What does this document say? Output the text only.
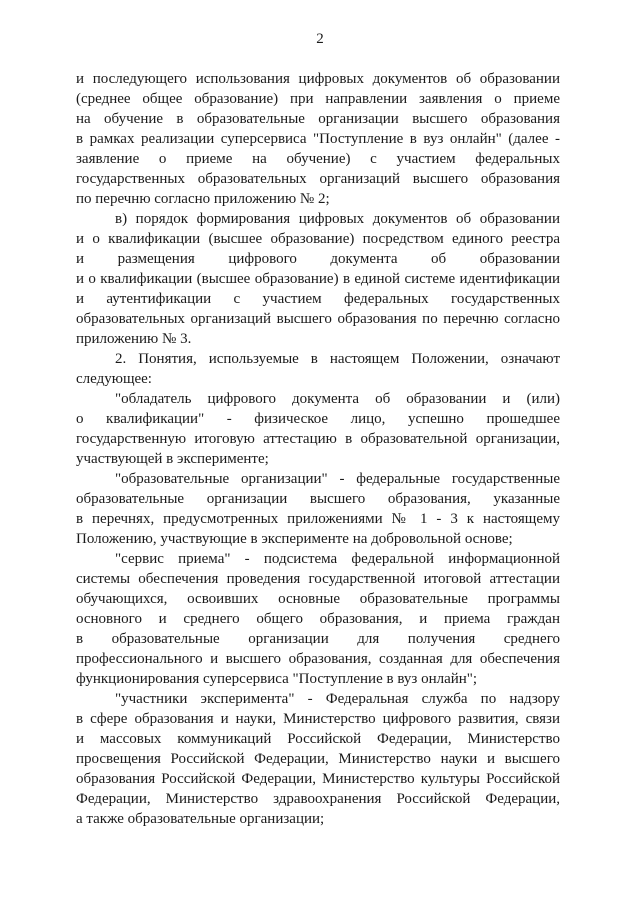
2
и последующего использования цифровых документов об образовании
(среднее общее образование) при направлении заявления о приеме
на обучение в образовательные организации высшего образования
в рамках реализации суперсервиса "Поступление в вуз онлайн" (далее -
заявление о приеме на обучение) с участием федеральных
государственных образовательных организаций высшего образования
по перечню согласно приложению № 2;
в) порядок формирования цифровых документов об образовании
и о квалификации (высшее образование) посредством единого реестра
и размещения цифрового документа об образовании
и о квалификации (высшее образование) в единой системе идентификации
и аутентификации с участием федеральных государственных
образовательных организаций высшего образования по перечню согласно
приложению № 3.
2. Понятия, используемые в настоящем Положении, означают
следующее:
"обладатель цифрового документа об образовании и (или)
о квалификации" - физическое лицо, успешно прошедшее
государственную итоговую аттестацию в образовательной организации,
участвующей в эксперименте;
"образовательные организации" - федеральные государственные
образовательные организации высшего образования, указанные
в перечнях, предусмотренных приложениями № 1 - 3 к настоящему
Положению, участвующие в эксперименте на добровольной основе;
"сервис приема" - подсистема федеральной информационной
системы обеспечения проведения государственной итоговой аттестации
обучающихся, освоивших основные образовательные программы
основного и среднего общего образования, и приема граждан
в образовательные организации для получения среднего
профессионального и высшего образования, созданная для обеспечения
функционирования суперсервиса "Поступление в вуз онлайн";
"участники эксперимента" - Федеральная служба по надзору
в сфере образования и науки, Министерство цифрового развития, связи
и массовых коммуникаций Российской Федерации, Министерство
просвещения Российской Федерации, Министерство науки и высшего
образования Российской Федерации, Министерство культуры Российской
Федерации, Министерство здравоохранения Российской Федерации,
а также образовательные организации;
